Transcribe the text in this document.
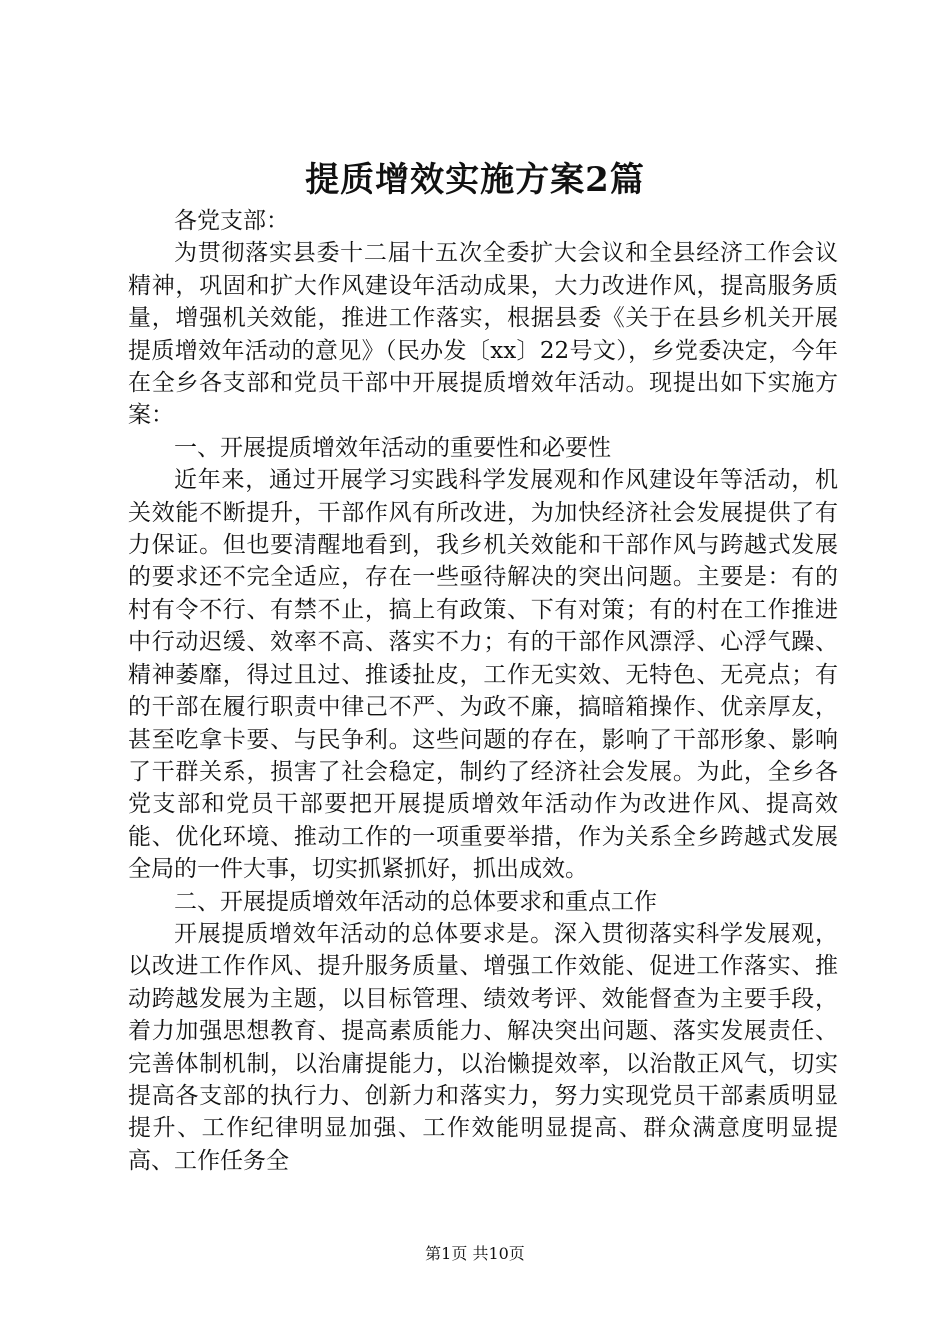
提质增效实施方案2篇

各党支部：

为贯彻落实县委十二届十五次全委扩大会议和全县经济工作会议精神，巩固和扩大作风建设年活动成果，大力改进作风，提高服务质量，增强机关效能，推进工作落实，根据县委《关于在县乡机关开展提质增效年活动的意见》（民办发〔xx〕22号文），乡党委决定，今年在全乡各支部和党员干部中开展提质增效年活动。现提出如下实施方案：

一、开展提质增效年活动的重要性和必要性

近年来，通过开展学习实践科学发展观和作风建设年等活动，机关效能不断提升，干部作风有所改进，为加快经济社会发展提供了有力保证。但也要清醒地看到，我乡机关效能和干部作风与跨越式发展的要求还不完全适应，存在一些亟待解决的突出问题。主要是：有的村有令不行、有禁不止，搞上有政策、下有对策；有的村在工作推进中行动迟缓、效率不高、落实不力；有的干部作风漂浮、心浮气躁、精神萎靡，得过且过、推诿扯皮，工作无实效、无特色、无亮点；有的干部在履行职责中律己不严、为政不廉，搞暗箱操作、优亲厚友，甚至吃拿卡要、与民争利。这些问题的存在，影响了干部形象、影响了干群关系，损害了社会稳定，制约了经济社会发展。为此，全乡各党支部和党员干部要把开展提质增效年活动作为改进作风、提高效能、优化环境、推动工作的一项重要举措，作为关系全乡跨越式发展全局的一件大事，切实抓紧抓好，抓出成效。

二、开展提质增效年活动的总体要求和重点工作

开展提质增效年活动的总体要求是。深入贯彻落实科学发展观，以改进工作作风、提升服务质量、增强工作效能、促进工作落实、推动跨越发展为主题，以目标管理、绩效考评、效能督查为主要手段，着力加强思想教育、提高素质能力、解决突出问题、落实发展责任、完善体制机制，以治庸提能力，以治懒提效率，以治散正风气，切实提高各支部的执行力、创新力和落实力，努力实现党员干部素质明显提升、工作纪律明显加强、工作效能明显提高、群众满意度明显提高、工作任务全

第1页 共10页
